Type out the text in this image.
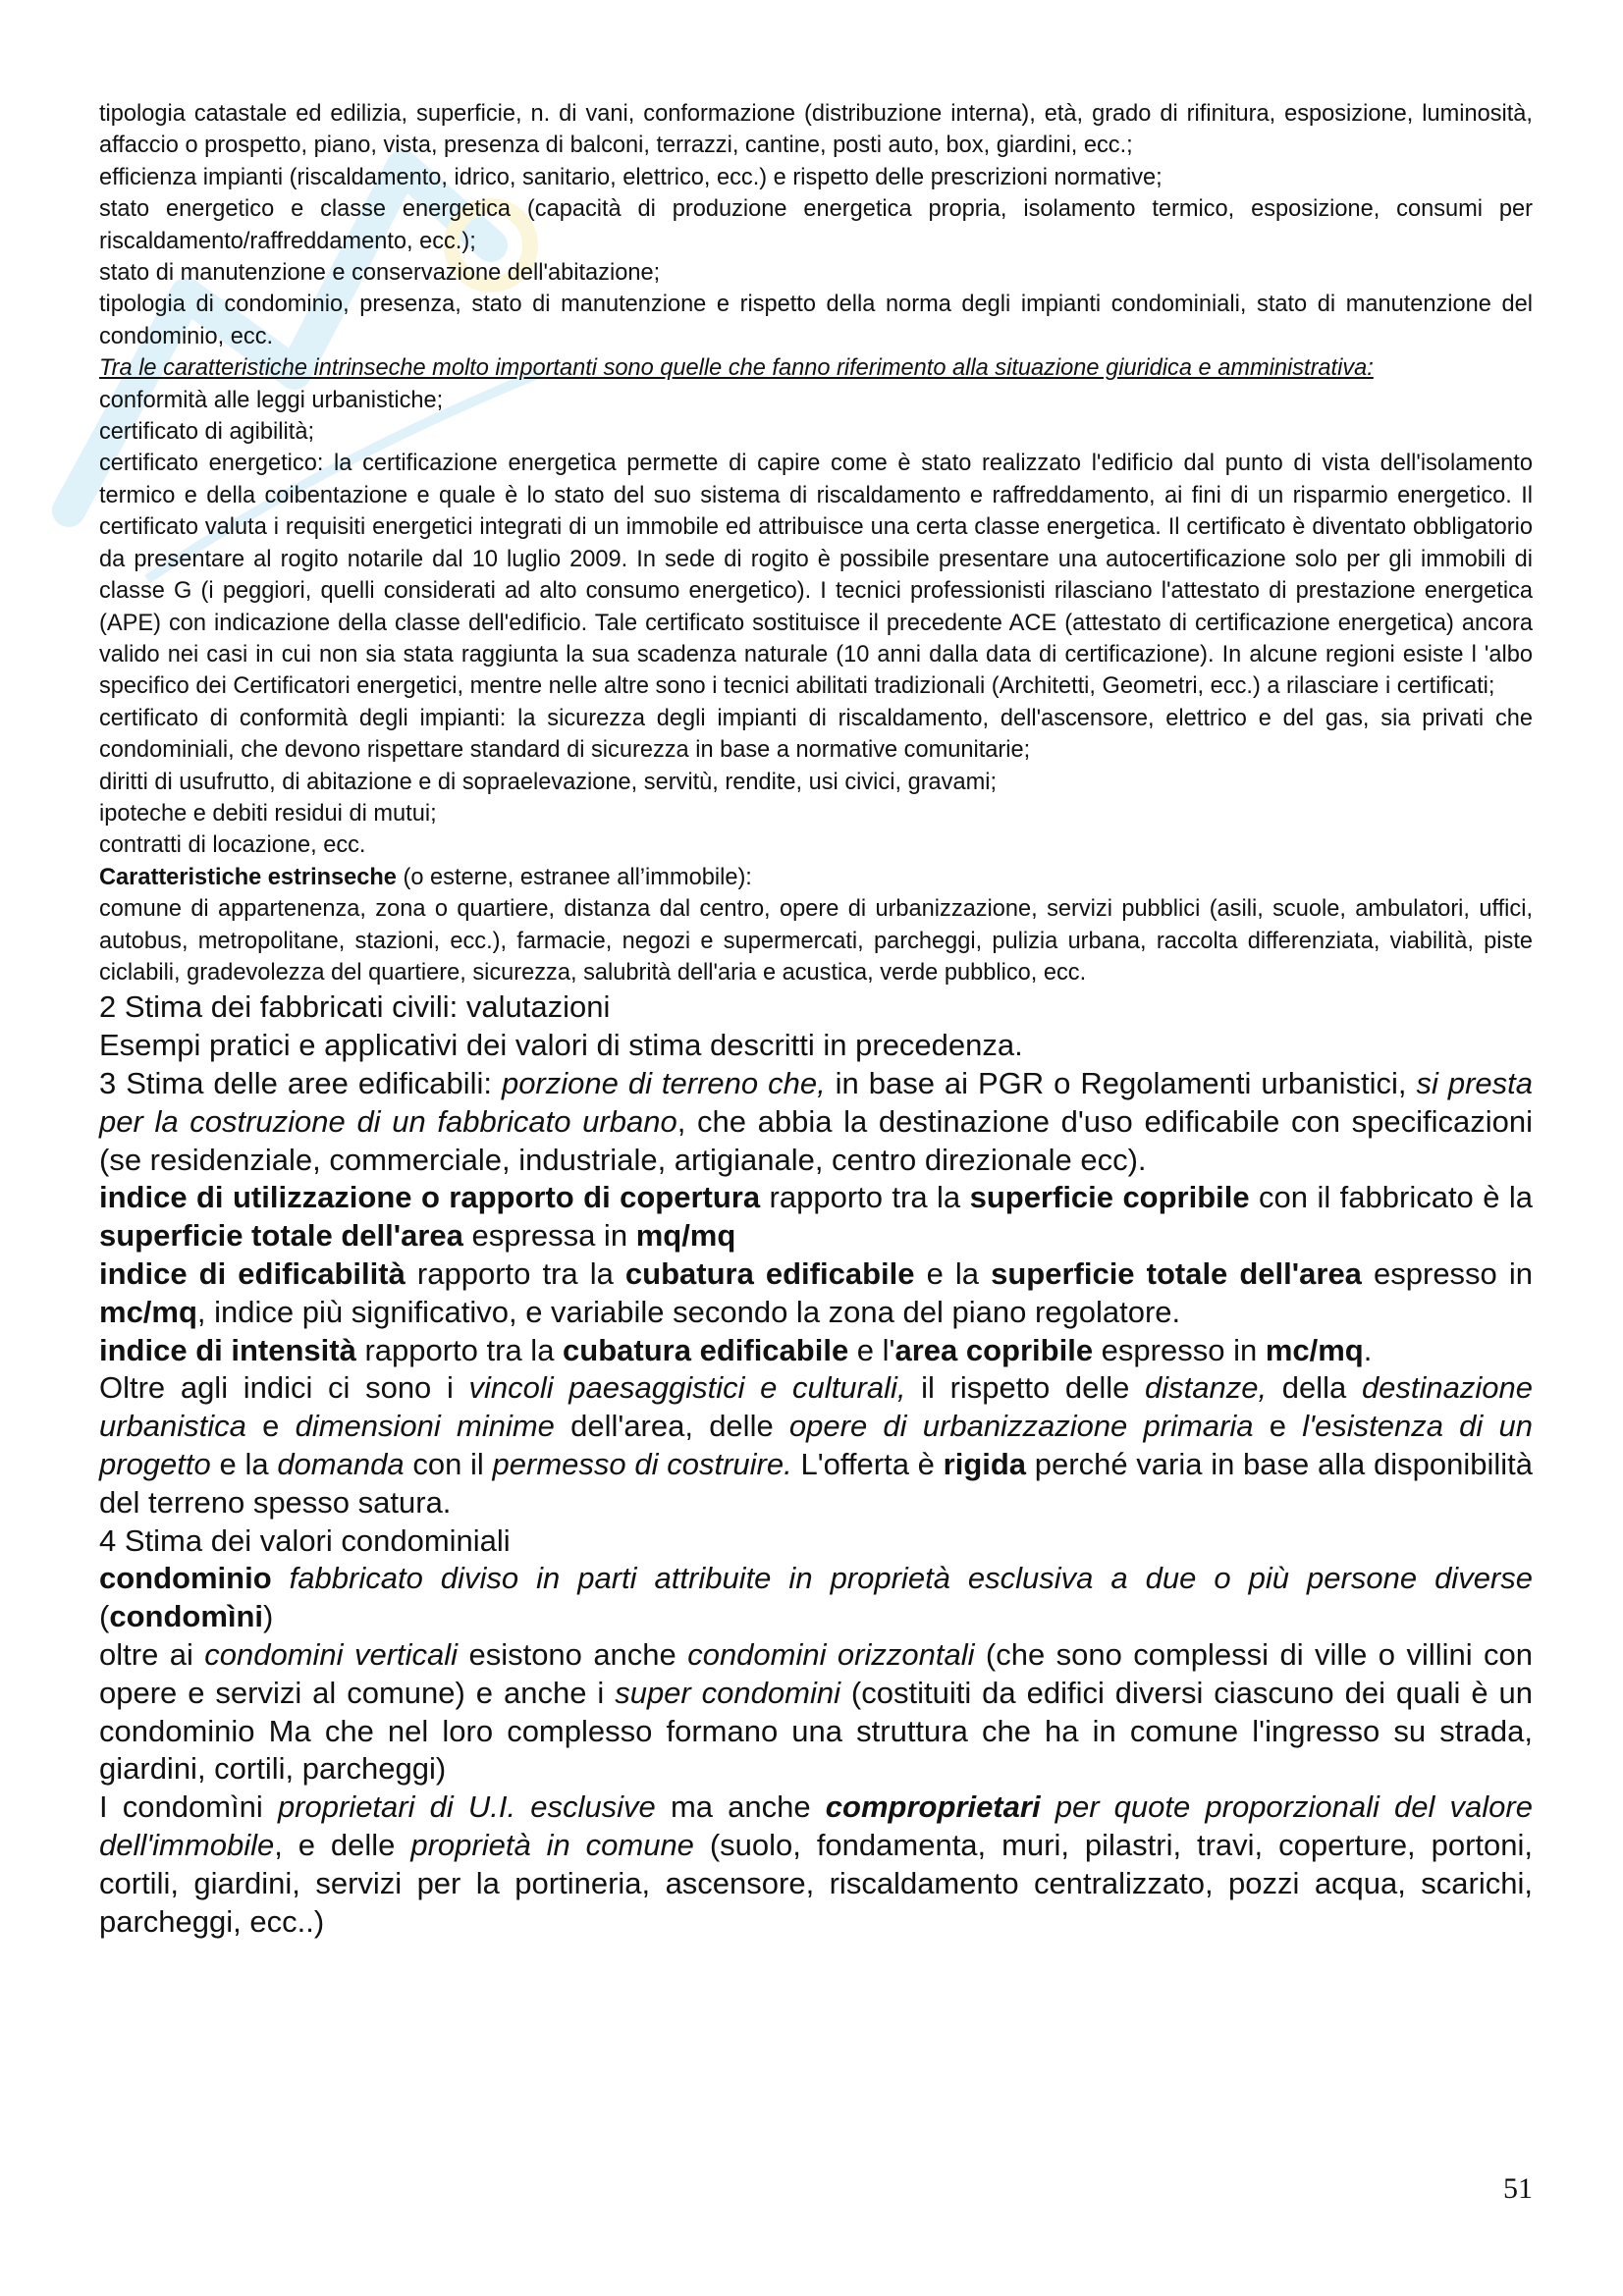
tipologia catastale ed edilizia, superficie, n. di vani, conformazione (distribuzione interna), età, grado di rifinitura, esposizione, luminosità, affaccio o prospetto, piano, vista, presenza di balconi, terrazzi, cantine, posti auto, box, giardini, ecc.;

efficienza impianti (riscaldamento, idrico, sanitario, elettrico, ecc.) e rispetto delle prescrizioni normative;

stato energetico e classe energetica (capacità di produzione energetica propria, isolamento termico, esposizione, consumi per riscaldamento/raffreddamento, ecc.);

stato di manutenzione e conservazione dell'abitazione;

tipologia di condominio, presenza, stato di manutenzione e rispetto della norma degli impianti condominiali, stato di manutenzione del condominio, ecc.

Tra le caratteristiche intrinseche molto importanti sono quelle che fanno riferimento alla situazione giuridica e amministrativa:

conformità alle leggi urbanistiche;

certificato di agibilità;

certificato energetico: la certificazione energetica permette di capire come è stato realizzato l'edificio dal punto di vista dell'isolamento termico e della coibentazione e quale è lo stato del suo sistema di riscaldamento e raffreddamento, ai fini di un risparmio energetico. Il certificato valuta i requisiti energetici integrati di un immobile ed attribuisce una certa classe energetica. Il certificato è diventato obbligatorio da presentare al rogito notarile dal 10 luglio 2009. In sede di rogito è possibile presentare una autocertificazione solo per gli immobili di classe G (i peggiori, quelli considerati ad alto consumo energetico). I tecnici professionisti rilasciano l'attestato di prestazione energetica (APE) con indicazione della classe dell'edificio. Tale certificato sostituisce il precedente ACE (attestato di certificazione energetica) ancora valido nei casi in cui non sia stata raggiunta la sua scadenza naturale (10 anni dalla data di certificazione). In alcune regioni esiste l 'albo specifico dei Certificatori energetici, mentre nelle altre sono i tecnici abilitati tradizionali (Architetti, Geometri, ecc.) a rilasciare i certificati;

certificato di conformità degli impianti: la sicurezza degli impianti di riscaldamento, dell'ascensore, elettrico e del gas, sia privati che condominiali, che devono rispettare standard di sicurezza in base a normative comunitarie;

diritti di usufrutto, di abitazione e di sopraelevazione, servitù, rendite, usi civici, gravami;

ipoteche e debiti residui di mutui;

contratti di locazione, ecc.

Caratteristiche estrinseche (o esterne, estranee all’immobile):

comune di appartenenza, zona o quartiere, distanza dal centro, opere di urbanizzazione, servizi pubblici (asili, scuole, ambulatori, uffici, autobus, metropolitane, stazioni, ecc.), farmacie, negozi e supermercati, parcheggi, pulizia urbana, raccolta differenziata, viabilità, piste ciclabili, gradevolezza del quartiere, sicurezza, salubrità dell'aria e acustica, verde pubblico, ecc.

2 Stima dei fabbricati civili: valutazioni

Esempi pratici e applicativi dei valori di stima descritti in precedenza.

3 Stima delle aree edificabili: porzione di terreno che, in base ai PGR o Regolamenti urbanistici, si presta per la costruzione di un fabbricato urbano, che abbia la destinazione d'uso edificabile con specificazioni (se residenziale, commerciale, industriale, artigianale, centro direzionale ecc).

indice di utilizzazione o rapporto di copertura rapporto tra la superficie copribile con il fabbricato è la superficie totale dell'area espressa in mq/mq

indice di edificabilità rapporto tra la cubatura edificabile e la superficie totale dell'area espresso in mc/mq, indice più significativo, e variabile secondo la zona del piano regolatore.

indice di intensità rapporto tra la cubatura edificabile e l'area copribile espresso in mc/mq.

Oltre agli indici ci sono i vincoli paesaggistici e culturali, il rispetto delle distanze, della destinazione urbanistica e dimensioni minime dell'area, delle opere di urbanizzazione primaria e l'esistenza di un progetto e la domanda con il permesso di costruire. L'offerta è rigida perché varia in base alla disponibilità del terreno spesso satura.

4 Stima dei valori condominiali

condominio fabbricato diviso in parti attribuite in proprietà esclusiva a due o più persone diverse (condomìni)

oltre ai condomini verticali esistono anche condomini orizzontali (che sono complessi di ville o villini con opere e servizi al comune) e anche i super condomini (costituiti da edifici diversi ciascuno dei quali è un condominio Ma che nel loro complesso formano una struttura che ha in comune l'ingresso su strada, giardini, cortili, parcheggi)

I condomìni proprietari di U.I. esclusive ma anche comproprietari per quote proporzionali del valore dell'immobile, e delle proprietà in comune (suolo, fondamenta, muri, pilastri, travi, coperture, portoni, cortili, giardini, servizi per la portineria, ascensore, riscaldamento centralizzato, pozzi acqua, scarichi, parcheggi, ecc..)

51
